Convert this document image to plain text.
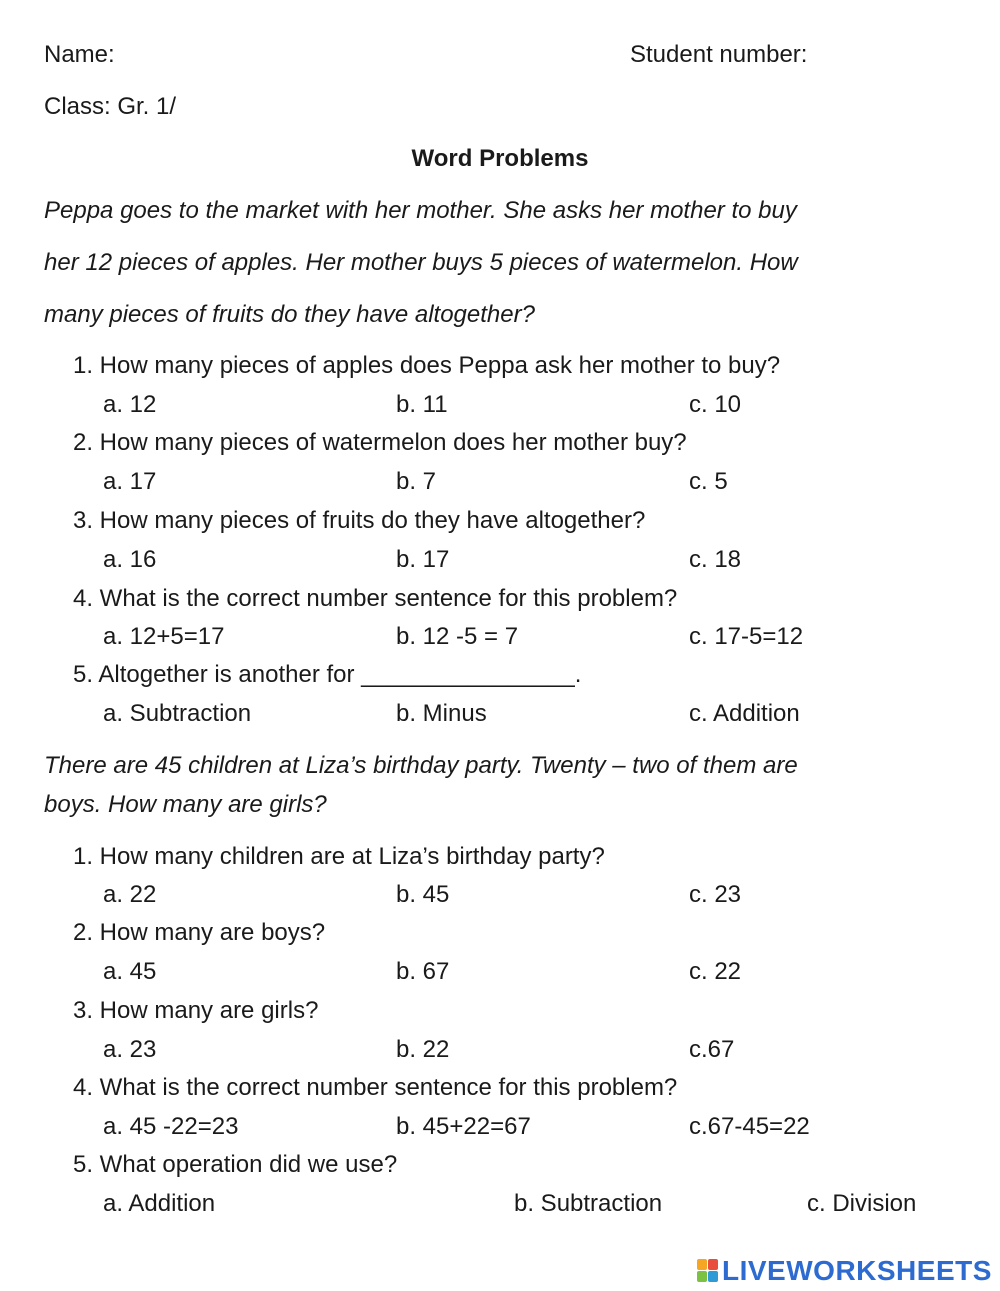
Name:	Student number:

Class: Gr. 1/

Word Problems

Peppa goes to the market with her mother. She asks her mother to buy

her 12 pieces of apples. Her mother buys 5 pieces of watermelon. How

many pieces of fruits do they have altogether?

1. How many pieces of apples does Peppa ask her mother to buy?

a. 12	b. 11	c. 10

2. How many pieces of watermelon does her mother buy?

a. 17	b. 7	c. 5

3. How many pieces of fruits do they have altogether?

a. 16	b. 17	c. 18

4. What is the correct number sentence for this problem?

a. 12+5=17	b. 12 -5 = 7	c. 17-5=12

5. Altogether is another for ________________.

a. Subtraction	b. Minus	c. Addition

There are 45 children at Liza’s birthday party. Twenty – two of them are

boys. How many are girls?

1. How many children are at Liza’s birthday party?

a. 22	b. 45	c. 23

2. How many are boys?

a. 45	b. 67	c. 22

3. How many are girls?

a. 23	b. 22	c.67

4. What is the correct number sentence for this problem?

a. 45 -22=23	b. 45+22=67	c.67-45=22

5. What operation did we use?

a. Addition	b. Subtraction	c. Division

LIVEWORKSHEETS
